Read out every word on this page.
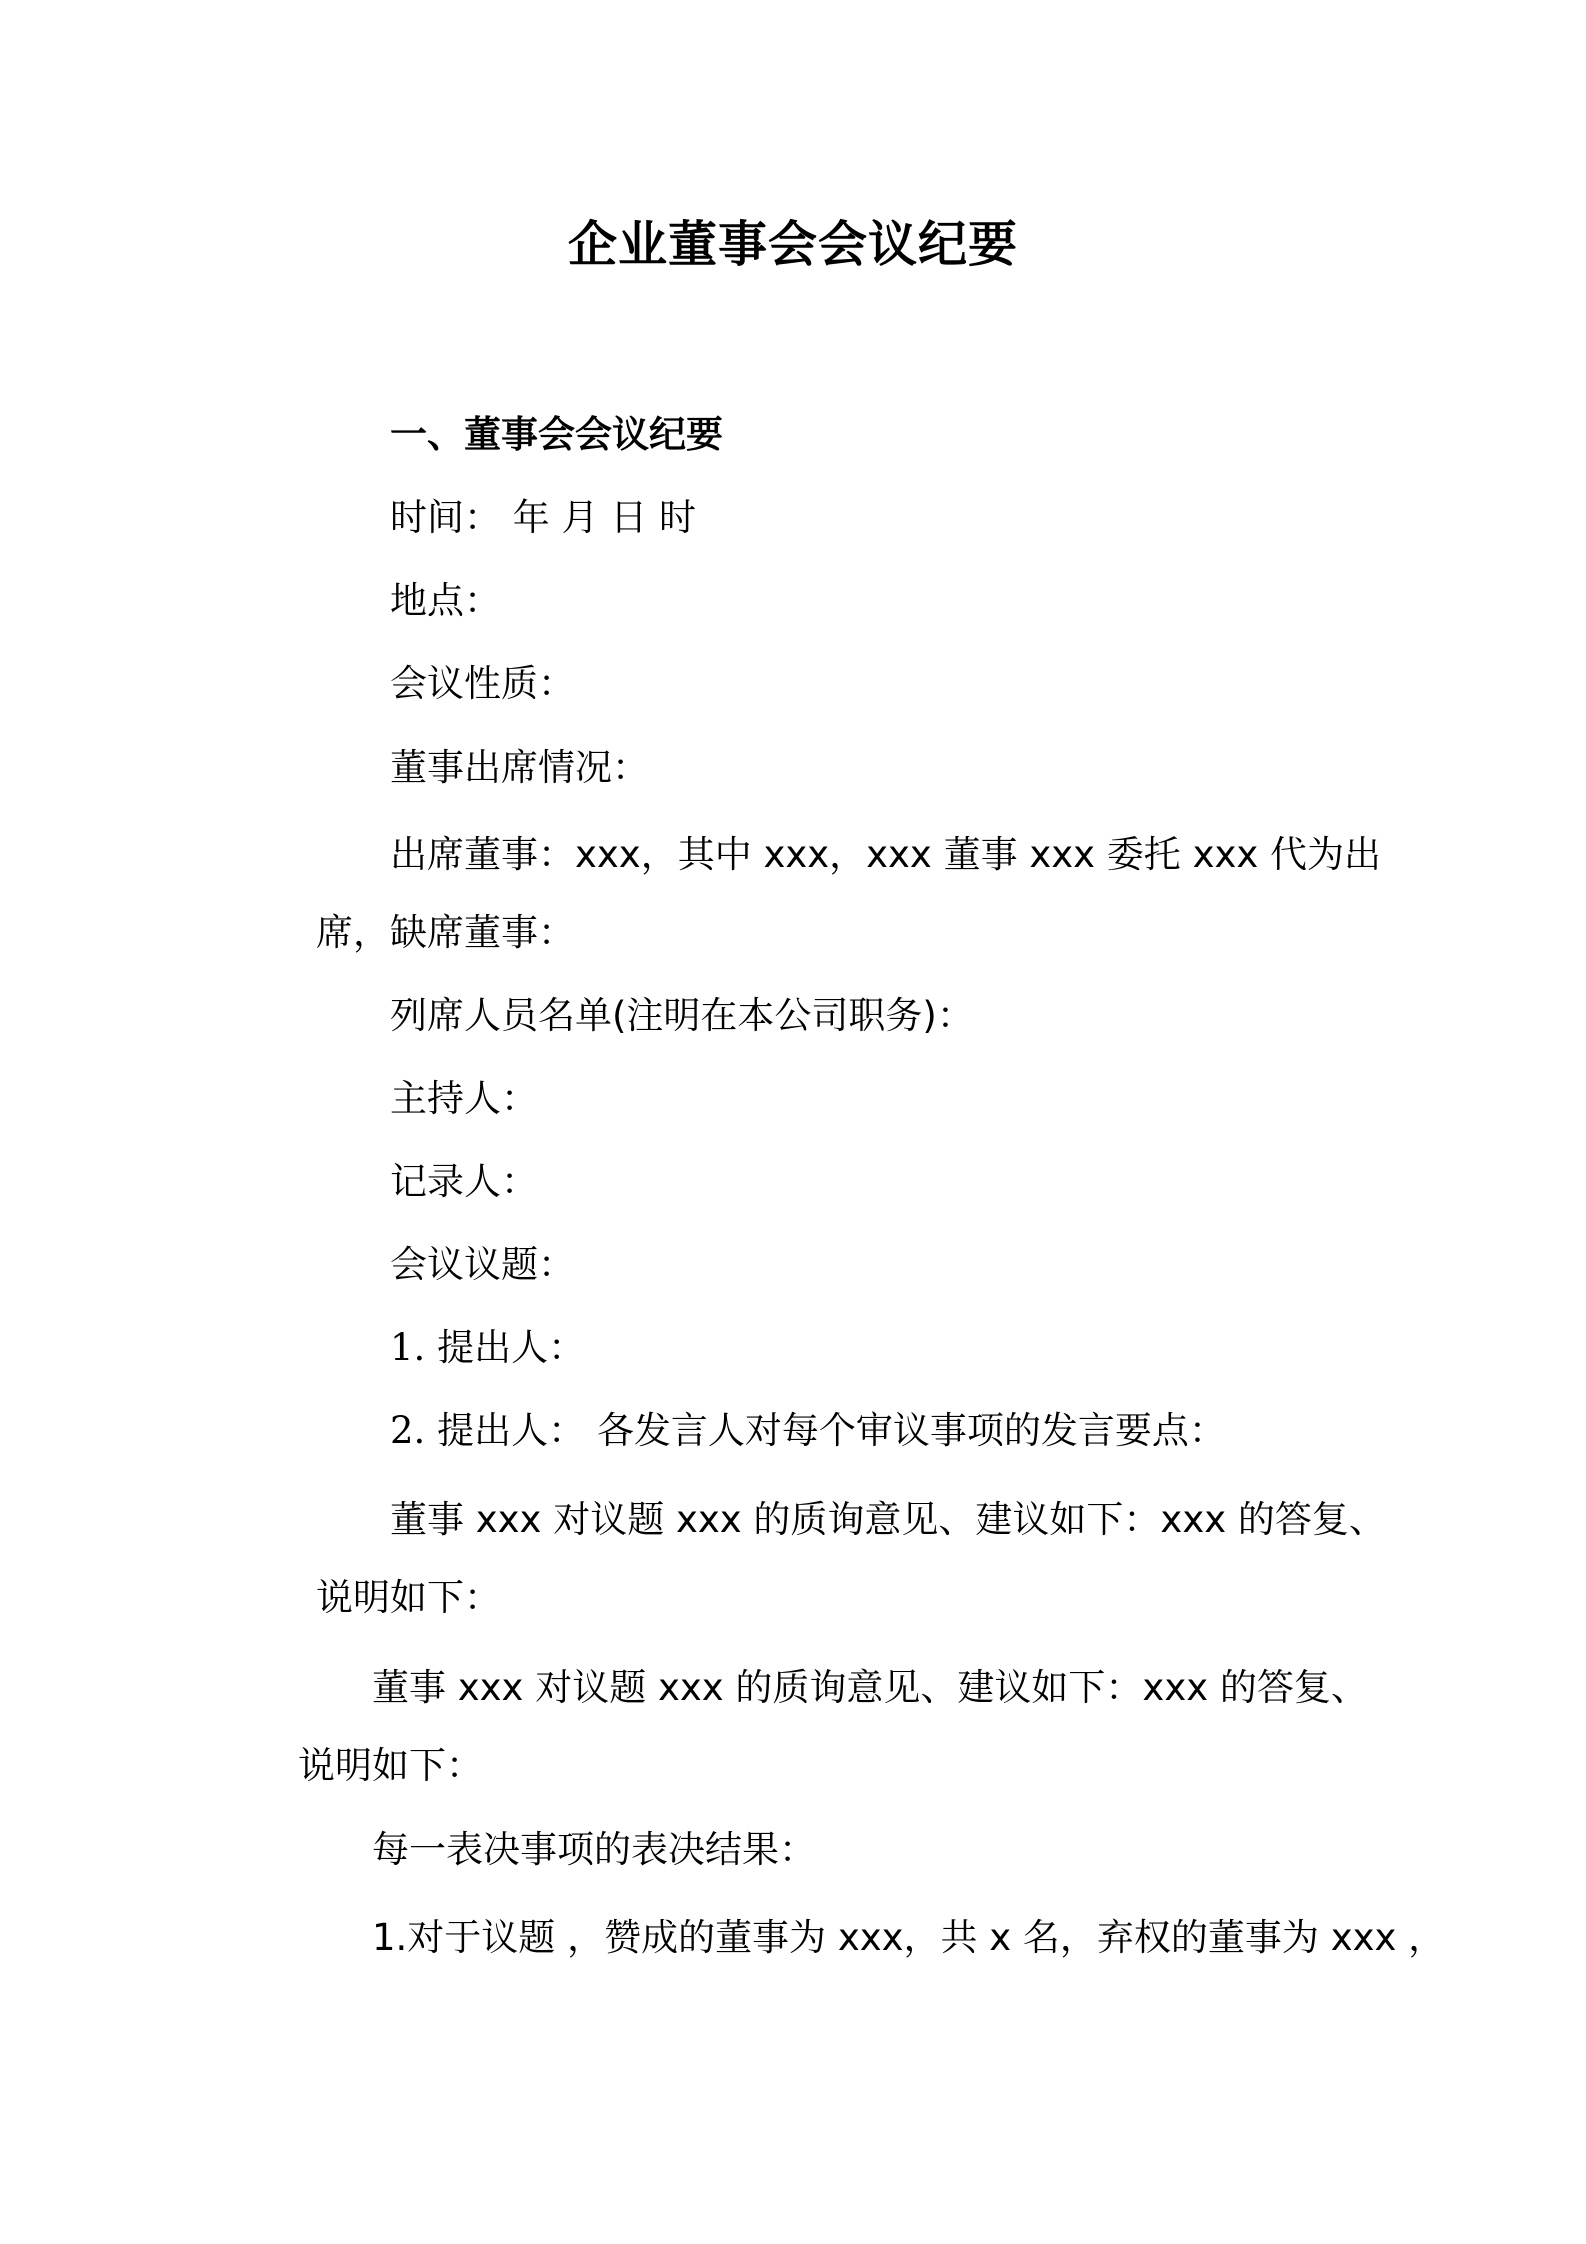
企业董事会会议纪要
一、董事会会议纪要
时间： 年 月 日 时
地点：
会议性质：
董事出席情况：
出席董事：xxx，其中 xxx，xxx 董事 xxx 委托 xxx 代为出
席，缺席董事：
列席人员名单(注明在本公司职务)：
主持人：
记录人：
会议议题：
1. 提出人：
2. 提出人： 各发言人对每个审议事项的发言要点：
董事 xxx 对议题 xxx 的质询意见、建议如下：xxx 的答复、
说明如下：
董事 xxx 对议题 xxx 的质询意见、建议如下：xxx 的答复、
说明如下：
每一表决事项的表决结果：
1.对于议题 ，赞成的董事为 xxx，共 x 名，弃权的董事为 xxx ，
